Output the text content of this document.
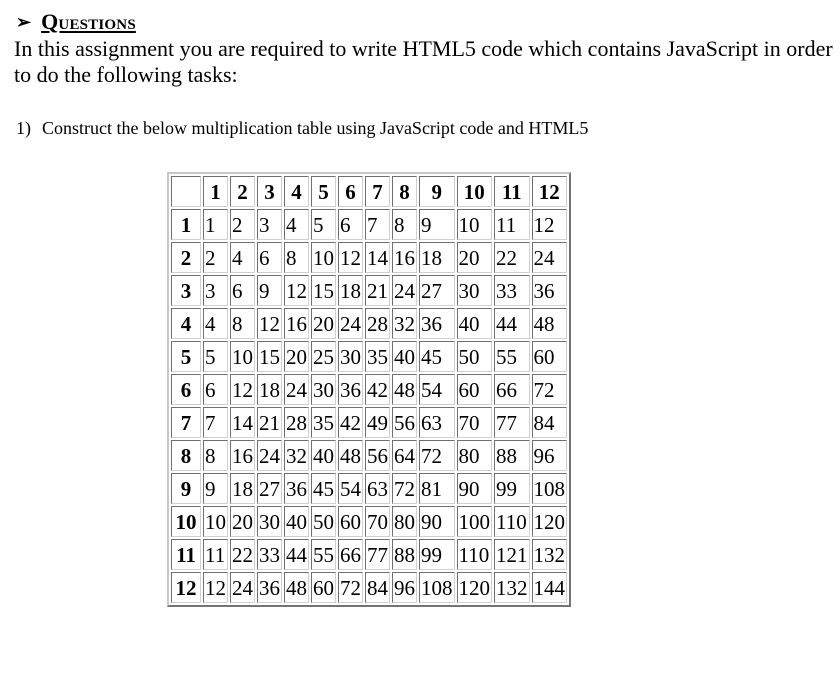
➢ Questions
In this assignment you are required to write HTML5 code which contains JavaScript in order to do the following tasks:
1) Construct the below multiplication table using JavaScript code and HTML5
	1	2	3	4	5	6	7	8	9	10	11	12
1	1	2	3	4	5	6	7	8	9	10	11	12
2	2	4	6	8	10	12	14	16	18	20	22	24
3	3	6	9	12	15	18	21	24	27	30	33	36
4	4	8	12	16	20	24	28	32	36	40	44	48
5	5	10	15	20	25	30	35	40	45	50	55	60
6	6	12	18	24	30	36	42	48	54	60	66	72
7	7	14	21	28	35	42	49	56	63	70	77	84
8	8	16	24	32	40	48	56	64	72	80	88	96
9	9	18	27	36	45	54	63	72	81	90	99	108
10	10	20	30	40	50	60	70	80	90	100	110	120
11	11	22	33	44	55	66	77	88	99	110	121	132
12	12	24	36	48	60	72	84	96	108	120	132	144
